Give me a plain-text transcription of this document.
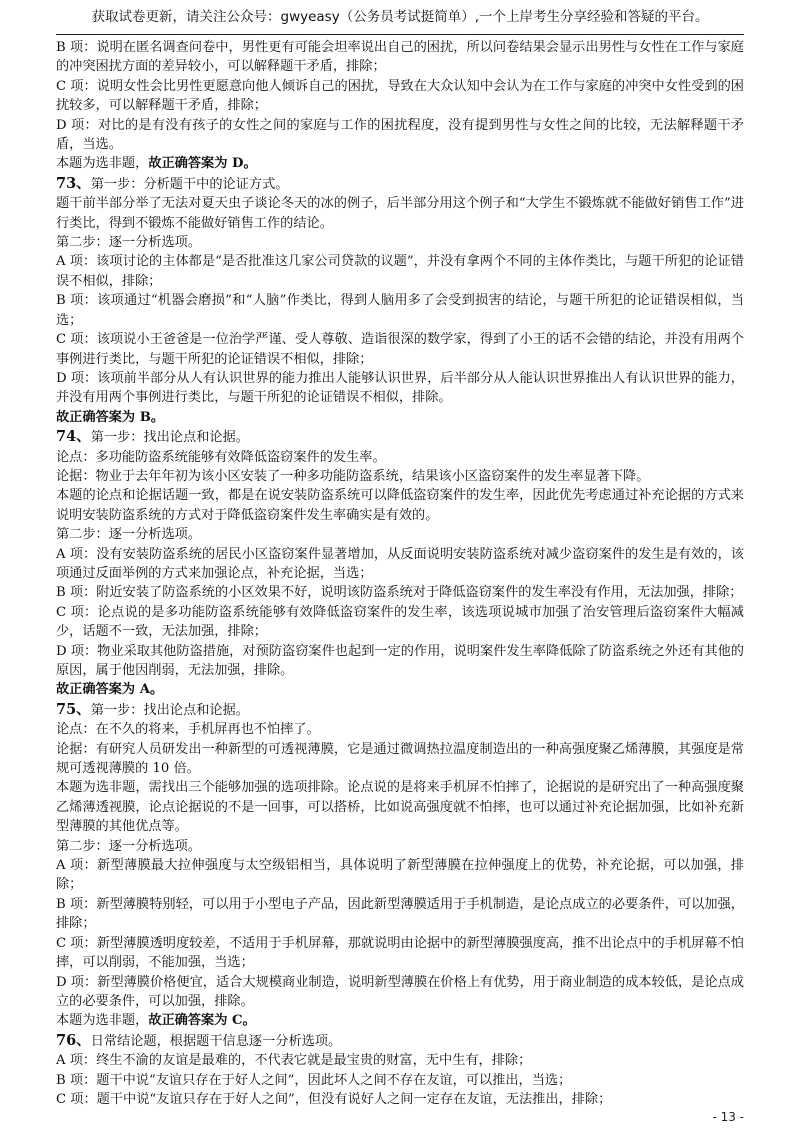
获取试卷更新，请关注公众号：gwyeasy（公务员考试挺简单）,一个上岸考生分享经验和答疑的平台。

B 项：说明在匿名调查问卷中，男性更有可能会坦率说出自己的困扰，所以问卷结果会显示出男性与女性在工作与家庭的冲突困扰方面的差异较小，可以解释题干矛盾，排除；

C 项：说明女性会比男性更愿意向他人倾诉自己的困扰，导致在大众认知中会认为在工作与家庭的冲突中女性受到的困扰较多，可以解释题干矛盾，排除；

D 项：对比的是有没有孩子的女性之间的家庭与工作的困扰程度，没有提到男性与女性之间的比较，无法解释题干矛盾，当选。

本题为选非题，故正确答案为 D。

73、第一步：分析题干中的论证方式。

题干前半部分举了无法对夏天虫子谈论冬天的冰的例子，后半部分用这个例子和“大学生不锻炼就不能做好销售工作”进行类比，得到不锻炼不能做好销售工作的结论。

第二步：逐一分析选项。

A 项：该项讨论的主体都是“是否批准这几家公司贷款的议题”，并没有拿两个不同的主体作类比，与题干所犯的论证错误不相似，排除；

B 项：该项通过“机器会磨损”和“人脑”作类比，得到人脑用多了会受到损害的结论，与题干所犯的论证错误相似，当选；

C 项：该项说小王爸爸是一位治学严谨、受人尊敬、造诣很深的数学家，得到了小王的话不会错的结论，并没有用两个事例进行类比，与题干所犯的论证错误不相似，排除；

D 项：该项前半部分从人有认识世界的能力推出人能够认识世界，后半部分从人能认识世界推出人有认识世界的能力，并没有用两个事例进行类比，与题干所犯的论证错误不相似，排除。

故正确答案为 B。

74、第一步：找出论点和论据。

论点：多功能防盗系统能够有效降低盗窃案件的发生率。

论据：物业于去年年初为该小区安装了一种多功能防盗系统，结果该小区盗窃案件的发生率显著下降。

本题的论点和论据话题一致，都是在说安装防盗系统可以降低盗窃案件的发生率，因此优先考虑通过补充论据的方式来说明安装防盗系统的方式对于降低盗窃案件发生率确实是有效的。

第二步：逐一分析选项。

A 项：没有安装防盗系统的居民小区盗窃案件显著增加，从反面说明安装防盗系统对减少盗窃案件的发生是有效的，该项通过反面举例的方式来加强论点，补充论据，当选；

B 项：附近安装了防盗系统的小区效果不好，说明该防盗系统对于降低盗窃案件的发生率没有作用，无法加强，排除；

C 项：论点说的是多功能防盗系统能够有效降低盗窃案件的发生率，该选项说城市加强了治安管理后盗窃案件大幅减少，话题不一致，无法加强，排除；

D 项：物业采取其他防盗措施，对预防盗窃案件也起到一定的作用，说明案件发生率降低除了防盗系统之外还有其他的原因，属于他因削弱，无法加强，排除。

故正确答案为 A。

75、第一步：找出论点和论据。

论点：在不久的将来，手机屏再也不怕摔了。

论据：有研究人员研发出一种新型的可透视薄膜，它是通过微调热拉温度制造出的一种高强度聚乙烯薄膜，其强度是常规可透视薄膜的 10 倍。

本题为选非题，需找出三个能够加强的选项排除。论点说的是将来手机屏不怕摔了，论据说的是研究出了一种高强度聚乙烯薄透视膜，论点论据说的不是一回事，可以搭桥，比如说高强度就不怕摔，也可以通过补充论据加强，比如补充新型薄膜的其他优点等。

第二步：逐一分析选项。

A 项：新型薄膜最大拉伸强度与太空级铝相当，具体说明了新型薄膜在拉伸强度上的优势，补充论据，可以加强，排除；

B 项：新型薄膜特别轻，可以用于小型电子产品，因此新型薄膜适用于手机制造，是论点成立的必要条件，可以加强，排除；

C 项：新型薄膜透明度较差，不适用于手机屏幕，那就说明由论据中的新型薄膜强度高，推不出论点中的手机屏幕不怕摔，可以削弱，不能加强，当选；

D 项：新型薄膜价格便宜，适合大规模商业制造，说明新型薄膜在价格上有优势，用于商业制造的成本较低，是论点成立的必要条件，可以加强，排除。

本题为选非题，故正确答案为 C。

76、日常结论题，根据题干信息逐一分析选项。

A 项：终生不渝的友谊是最难的，不代表它就是最宝贵的财富，无中生有，排除；

B 项：题干中说“友谊只存在于好人之间”，因此坏人之间不存在友谊，可以推出，当选；

C 项：题干中说“友谊只存在于好人之间”，但没有说好人之间一定存在友谊，无法推出，排除；

- 13 -
